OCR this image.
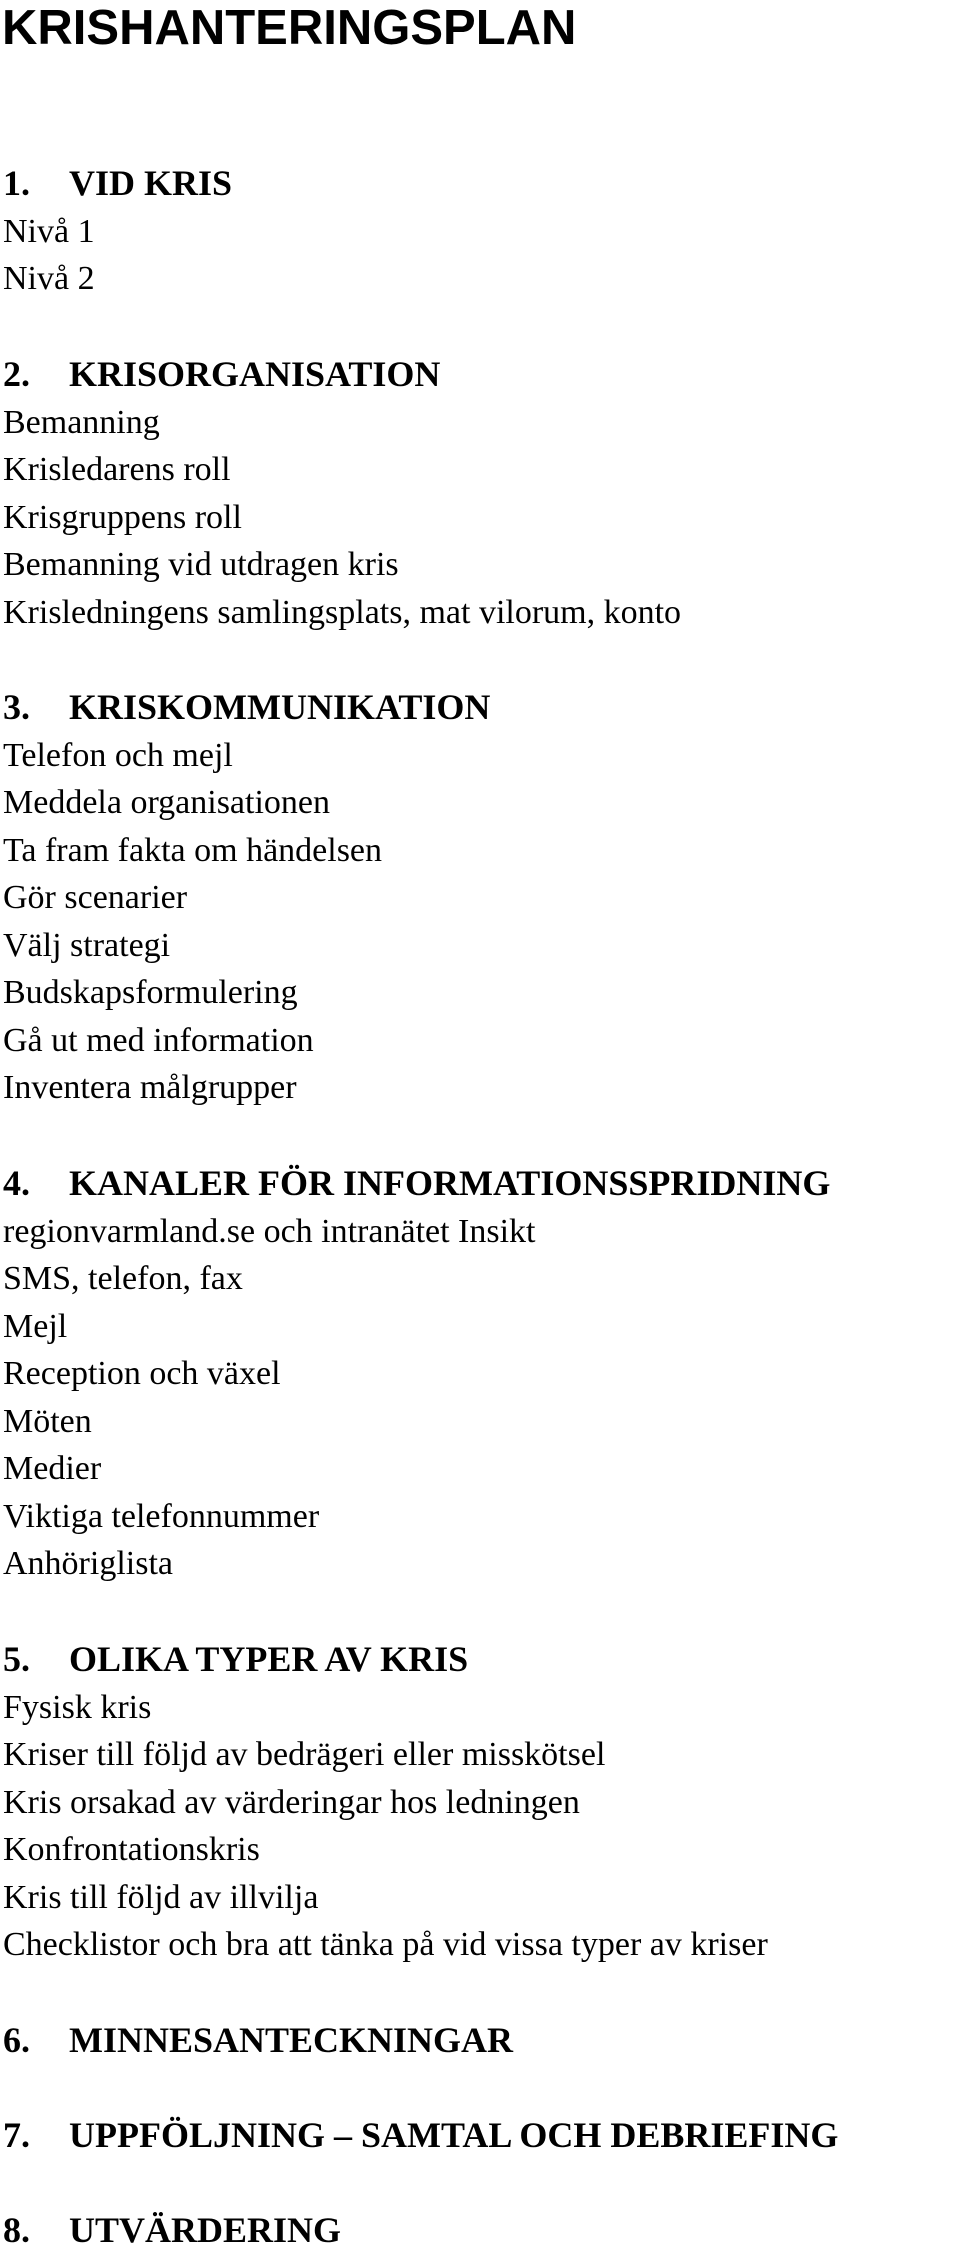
KRISHANTERINGSPLAN
1.	VID KRIS
Nivå 1
Nivå 2
2.	KRISORGANISATION
Bemanning
Krisledarens roll
Krisgruppens roll
Bemanning vid utdragen kris
Krisledningens samlingsplats, mat vilorum, konto
3.	KRISKOMMUNIKATION
Telefon och mejl
Meddela organisationen
Ta fram fakta om händelsen
Gör scenarier
Välj strategi
Budskapsformulering
Gå ut med information
Inventera målgrupper
4.	KANALER FÖR INFORMATIONSSPRIDNING
regionvarmland.se och intranätet Insikt
SMS, telefon, fax
Mejl
Reception och växel
Möten
Medier
Viktiga telefonnummer
Anhöriglista
5.	OLIKA TYPER AV KRIS
Fysisk kris
Kriser till följd av bedrägeri eller misskötsel
Kris orsakad av värderingar hos ledningen
Konfrontationskris
Kris till följd av illvilja
Checklistor och bra att tänka på vid vissa typer av kriser
6.	MINNESANTECKNINGAR
7.	UPPFÖLJNING – SAMTAL OCH DEBRIEFING
8.	UTVÄRDERING
